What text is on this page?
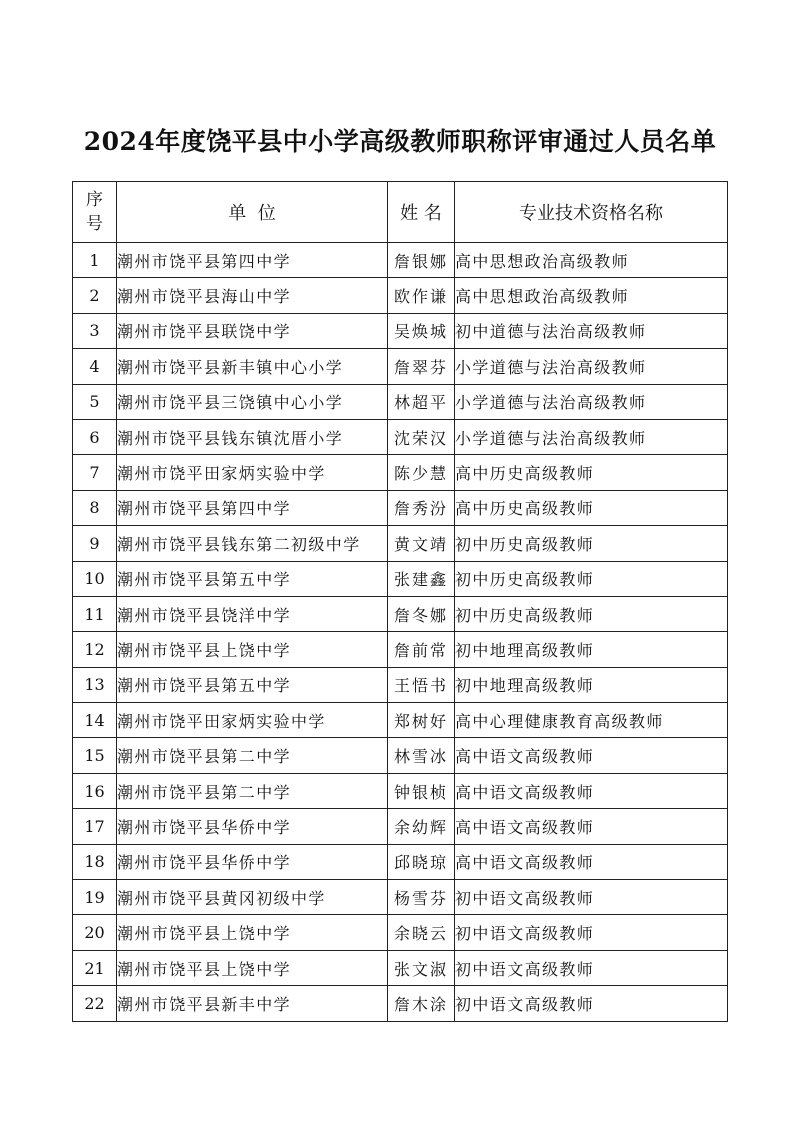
2024年度饶平县中小学高级教师职称评审通过人员名单
序
号	单  位	姓 名	专业技术资格名称
1	潮州市饶平县第四中学	詹银娜	高中思想政治高级教师
2	潮州市饶平县海山中学	欧作谦	高中思想政治高级教师
3	潮州市饶平县联饶中学	吴焕城	初中道德与法治高级教师
4	潮州市饶平县新丰镇中心小学	詹翠芬	小学道德与法治高级教师
5	潮州市饶平县三饶镇中心小学	林超平	小学道德与法治高级教师
6	潮州市饶平县钱东镇沈厝小学	沈荣汉	小学道德与法治高级教师
7	潮州市饶平田家炳实验中学	陈少慧	高中历史高级教师
8	潮州市饶平县第四中学	詹秀汾	高中历史高级教师
9	潮州市饶平县钱东第二初级中学	黄文靖	初中历史高级教师
10	潮州市饶平县第五中学	张建鑫	初中历史高级教师
11	潮州市饶平县饶洋中学	詹冬娜	初中历史高级教师
12	潮州市饶平县上饶中学	詹前常	初中地理高级教师
13	潮州市饶平县第五中学	王悟书	初中地理高级教师
14	潮州市饶平田家炳实验中学	郑树好	高中心理健康教育高级教师
15	潮州市饶平县第二中学	林雪冰	高中语文高级教师
16	潮州市饶平县第二中学	钟银桢	高中语文高级教师
17	潮州市饶平县华侨中学	余幼辉	高中语文高级教师
18	潮州市饶平县华侨中学	邱晓琼	高中语文高级教师
19	潮州市饶平县黄冈初级中学	杨雪芬	初中语文高级教师
20	潮州市饶平县上饶中学	余晓云	初中语文高级教师
21	潮州市饶平县上饶中学	张文淑	初中语文高级教师
22	潮州市饶平县新丰中学	詹木涂	初中语文高级教师
